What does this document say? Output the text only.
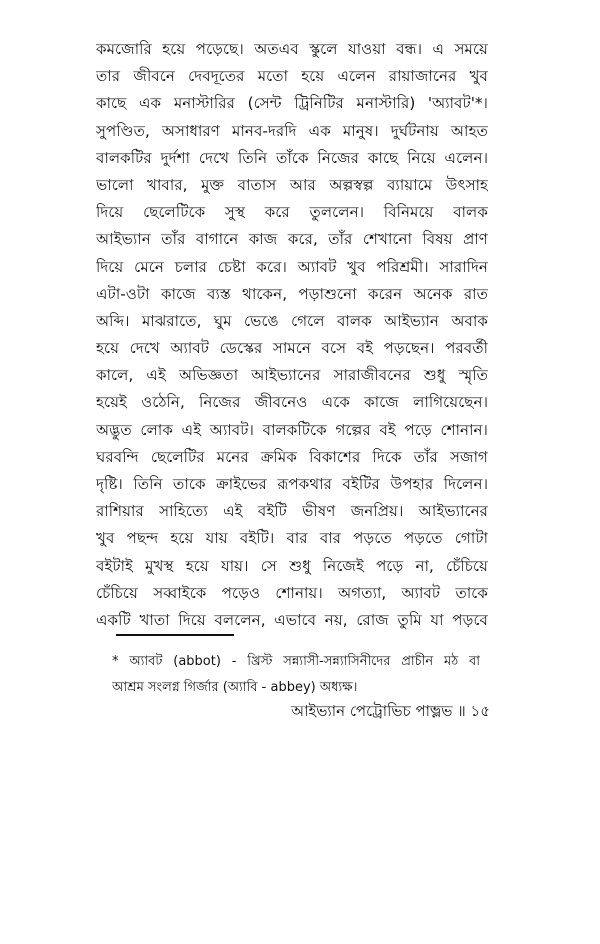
কমজোরি হয়ে পড়েছে। অতএব স্কুলে যাওয়া বন্ধ। এ সময়ে
তার জীবনে দেবদূতের মতো হয়ে এলেন রায়াজানের খুব
কাছে এক মনাস্টারির (সেন্ট ট্রিনিটির মনাস্টারি) 'অ্যাবট'*।
সুপণ্ডিত, অসাধারণ মানব-দরদি এক মানুষ। দুর্ঘটনায় আহত
বালকটির দুর্দশা দেখে তিনি তাঁকে নিজের কাছে নিয়ে এলেন।
ভালো খাবার, মুক্ত বাতাস আর অল্পস্বল্প ব্যায়ামে উৎসাহ
দিয়ে ছেলেটিকে সুস্থ করে তুললেন। বিনিময়ে বালক
আইভ্যান তাঁর বাগানে কাজ করে, তাঁর শেখানো বিষয় প্রাণ
দিয়ে মেনে চলার চেষ্টা করে। অ্যাবট খুব পরিশ্রমী। সারাদিন
এটা-ওটা কাজে ব্যস্ত থাকেন, পড়াশুনো করেন অনেক রাত
অব্দি। মাঝরাতে, ঘুম ভেঙে গেলে বালক আইভ্যান অবাক
হয়ে দেখে অ্যাবট ডেস্কের সামনে বসে বই পড়ছেন। পরবর্তী
কালে, এই অভিজ্ঞতা আইভ্যানের সারাজীবনের শুধু স্মৃতি
হয়েই ওঠেনি, নিজের জীবনেও একে কাজে লাগিয়েছেন।
অদ্ভুত লোক এই অ্যাবট। বালকটিকে গল্পের বই পড়ে শোনান।
ঘরবন্দি ছেলেটির মনের ক্রমিক বিকাশের দিকে তাঁর সজাগ
দৃষ্টি। তিনি তাকে ক্রাইভের রূপকথার বইটির উপহার দিলেন।
রাশিয়ার সাহিত্যে এই বইটি ভীষণ জনপ্রিয়। আইভ্যানের
খুব পছন্দ হয়ে যায় বইটি। বার বার পড়তে পড়তে গোটা
বইটাই মুখস্থ হয়ে যায়। সে শুধু নিজেই পড়ে না, চেঁচিয়ে
চেঁচিয়ে সব্বাইকে পড়েও শোনায়। অগত্যা, অ্যাবট তাকে
একটি খাতা দিয়ে বললেন, এভাবে নয়, রোজ তুমি যা পড়বে
* অ্যাবট (abbot) - খ্রিস্ট সন্ন্যাসী-সন্ন্যাসিনীদের প্রাচীন মঠ বা
আশ্রম সংলগ্ন গির্জার (অ্যাবি - abbey) অধ্যক্ষ।
আইভ্যান পেট্রোভিচ পাভ্লভ ॥ ১৫
